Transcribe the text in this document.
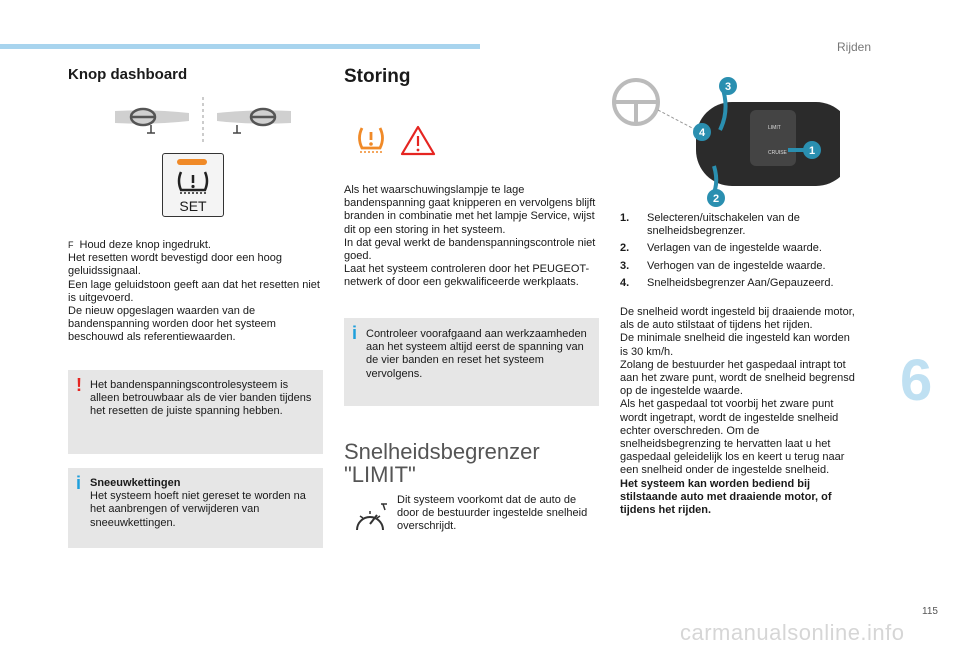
Rijden
6
115
carmanualsonline.info
Knop dashboard
SET
F Houd deze knop ingedrukt.
Het resetten wordt bevestigd door een hoog geluidssignaal.
Een lage geluidstoon geeft aan dat het resetten niet is uitgevoerd.
De nieuw opgeslagen waarden van de bandenspanning worden door het systeem beschouwd als referentiewaarden.
! Het bandenspanningscontrolesysteem is alleen betrouwbaar als de vier banden tijdens het resetten de juiste spanning hebben.
i Sneeuwkettingen
Het systeem hoeft niet gereset te worden na het aanbrengen of verwijderen van sneeuwkettingen.
Storing
Als het waarschuwingslampje te lage bandenspanning gaat knipperen en vervolgens blijft branden in combinatie met het lampje Service, wijst dit op een storing in het systeem.
In dat geval werkt de bandenspanningscontrole niet goed.
Laat het systeem controleren door het PEUGEOT-netwerk of door een gekwalificeerde werkplaats.
i Controleer voorafgaand aan werkzaamheden aan het systeem altijd eerst de spanning van de vier banden en reset het systeem vervolgens.
Snelheidsbegrenzer
"LIMIT"
Dit systeem voorkomt dat de auto de door de bestuurder ingestelde snelheid overschrijdt.
LIMIT
CRUISE
3
4
1
2
1. Selecteren/uitschakelen van de snelheidsbegrenzer.
2. Verlagen van de ingestelde waarde.
3. Verhogen van de ingestelde waarde.
4. Snelheidsbegrenzer Aan/Gepauzeerd.
De snelheid wordt ingesteld bij draaiende motor, als de auto stilstaat of tijdens het rijden.
De minimale snelheid die ingesteld kan worden is 30 km/h.
Zolang de bestuurder het gaspedaal intrapt tot aan het zware punt, wordt de snelheid begrensd op de ingestelde waarde.
Als het gaspedaal tot voorbij het zware punt wordt ingetrapt, wordt de ingestelde snelheid echter overschreden. Om de snelheidsbegrenzing te hervatten laat u het gaspedaal geleidelijk los en keert u terug naar een snelheid onder de ingestelde snelheid.
Het systeem kan worden bediend bij stilstaande auto met draaiende motor, of tijdens het rijden.
